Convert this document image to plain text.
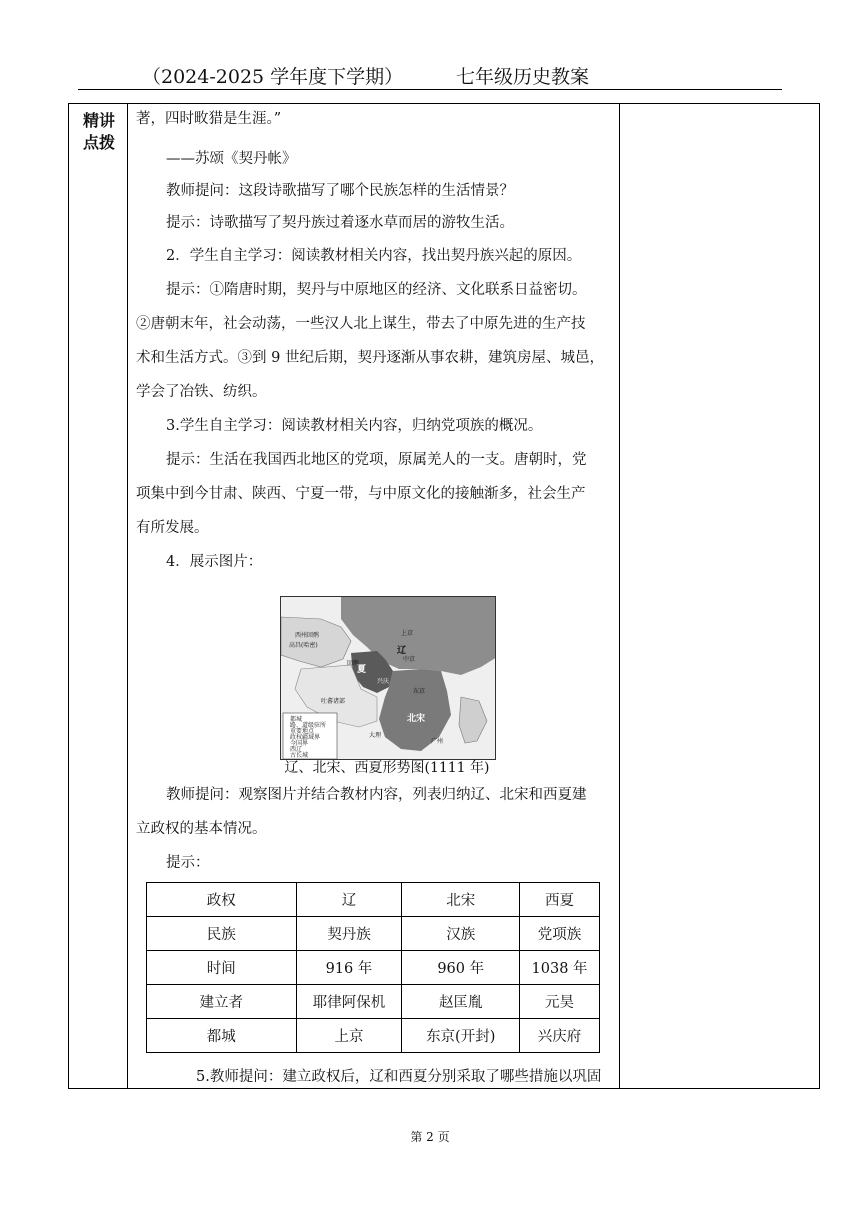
（2024-2025 学年度下学期）	七年级历史教案
精讲点拨
著，四时畋猎是生涯。”
——苏颂《契丹帐》
教师提问：这段诗歌描写了哪个民族怎样的生活情景？
提示：诗歌描写了契丹族过着逐水草而居的游牧生活。
2．学生自主学习：阅读教材相关内容，找出契丹族兴起的原因。
提示：①隋唐时期，契丹与中原地区的经济、文化联系日益密切。
②唐朝末年，社会动荡，一些汉人北上谋生，带去了中原先进的生产技
术和生活方式。③到 9 世纪后期，契丹逐渐从事农耕，建筑房屋、城邑，
学会了冶铁、纺织。
3.学生自主学习：阅读教材相关内容，归纳党项族的概况。
提示：生活在我国西北地区的党项，原属羌人的一支。唐朝时，党
项集中到今甘肃、陕西、宁夏一带，与中原文化的接触渐多，社会生产
有所发展。
4．展示图片：
教师提问：观察图片并结合教材内容，列表归纳辽、北宋和西夏建
立政权的基本情况。
提示：
5.教师提问：建立政权后，辽和西夏分别采取了哪些措施以巩固
都城
路、道级驻所
重要地点
政权疆域界
今国界
西辽
古长城
辽
夏
北宋
上京
中京
兴庆
东京
吐蕃诸部
回鹘
西州回鹘
高昌(哈密)
大理
广州
辽、北宋、西夏形势图(1111 年)
政权	辽	北宋	西夏
民族	契丹族	汉族	党项族
时间	916 年	960 年	1038 年
建立者	耶律阿保机	赵匡胤	元昊
都城	上京	东京(开封)	兴庆府
第 2 页
